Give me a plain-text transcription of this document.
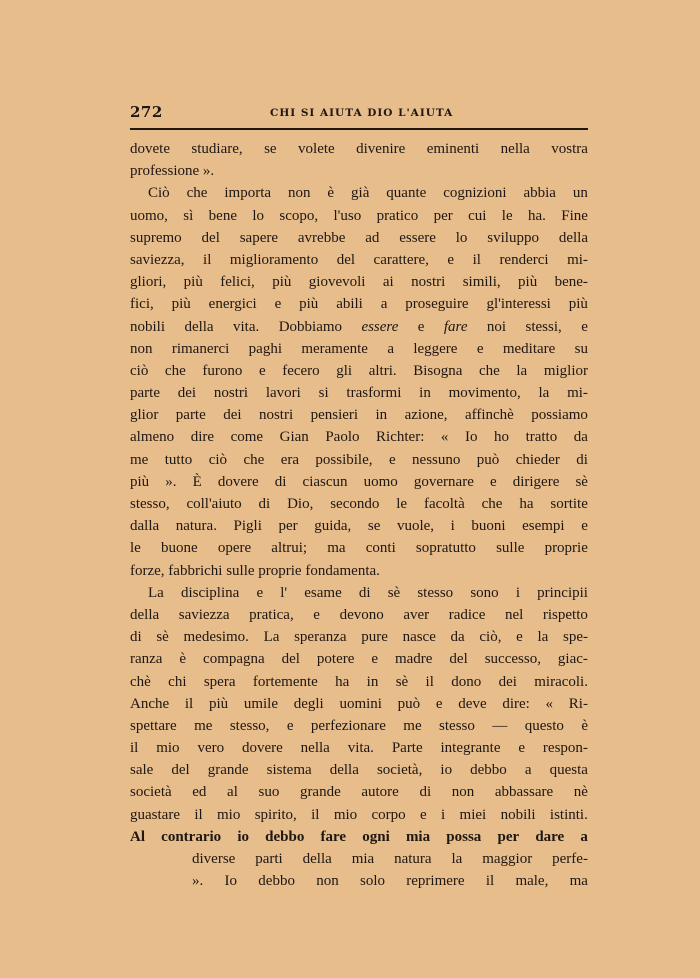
272	CHI SI AIUTA DIO L'AIUTA
dovete studiare, se volete divenire eminenti nella vostra
professione ».
Ciò che importa non è già quante cognizioni abbia un
uomo, sì bene lo scopo, l'uso pratico per cui le ha. Fine
supremo del sapere avrebbe ad essere lo sviluppo della
saviezza, il miglioramento del carattere, e il renderci mi-
gliori, più felici, più giovevoli ai nostri simili, più bene-
fici, più energici e più abili a proseguire gl'interessi più
nobili della vita. Dobbiamo essere e fare noi stessi, e
non rimanerci paghi meramente a leggere e meditare su
ciò che furono e fecero gli altri. Bisogna che la miglior
parte dei nostri lavori si trasformi in movimento, la mi-
glior parte dei nostri pensieri in azione, affinchè possiamo
almeno dire come Gian Paolo Richter: « Io ho tratto da
me tutto ciò che era possibile, e nessuno può chieder di
più ». È dovere di ciascun uomo governare e dirigere sè
stesso, coll'aiuto di Dio, secondo le facoltà che ha sortite
dalla natura. Pigli per guida, se vuole, i buoni esempi e
le buone opere altrui; ma conti sopratutto sulle proprie
forze, fabbrichi sulle proprie fondamenta.
La disciplina e l' esame di sè stesso sono i principii
della saviezza pratica, e devono aver radice nel rispetto
di sè medesimo. La speranza pure nasce da ciò, e la spe-
ranza è compagna del potere e madre del successo, giac-
chè chi spera fortemente ha in sè il dono dei miracoli.
Anche il più umile degli uomini può e deve dire: « Ri-
spettare me stesso, e perfezionare me stesso — questo è
il mio vero dovere nella vita. Parte integrante e respon-
sale del grande sistema della società, io debbo a questa
società ed al suo grande autore di non abbassare nè
guastare il mio spirito, il mio corpo e i miei nobili istinti.
Al contrario io debbo fare ogni mia possa per dare a
diverse parti della mia natura la maggior perfe-
». Io debbo non solo reprimere il male, ma
